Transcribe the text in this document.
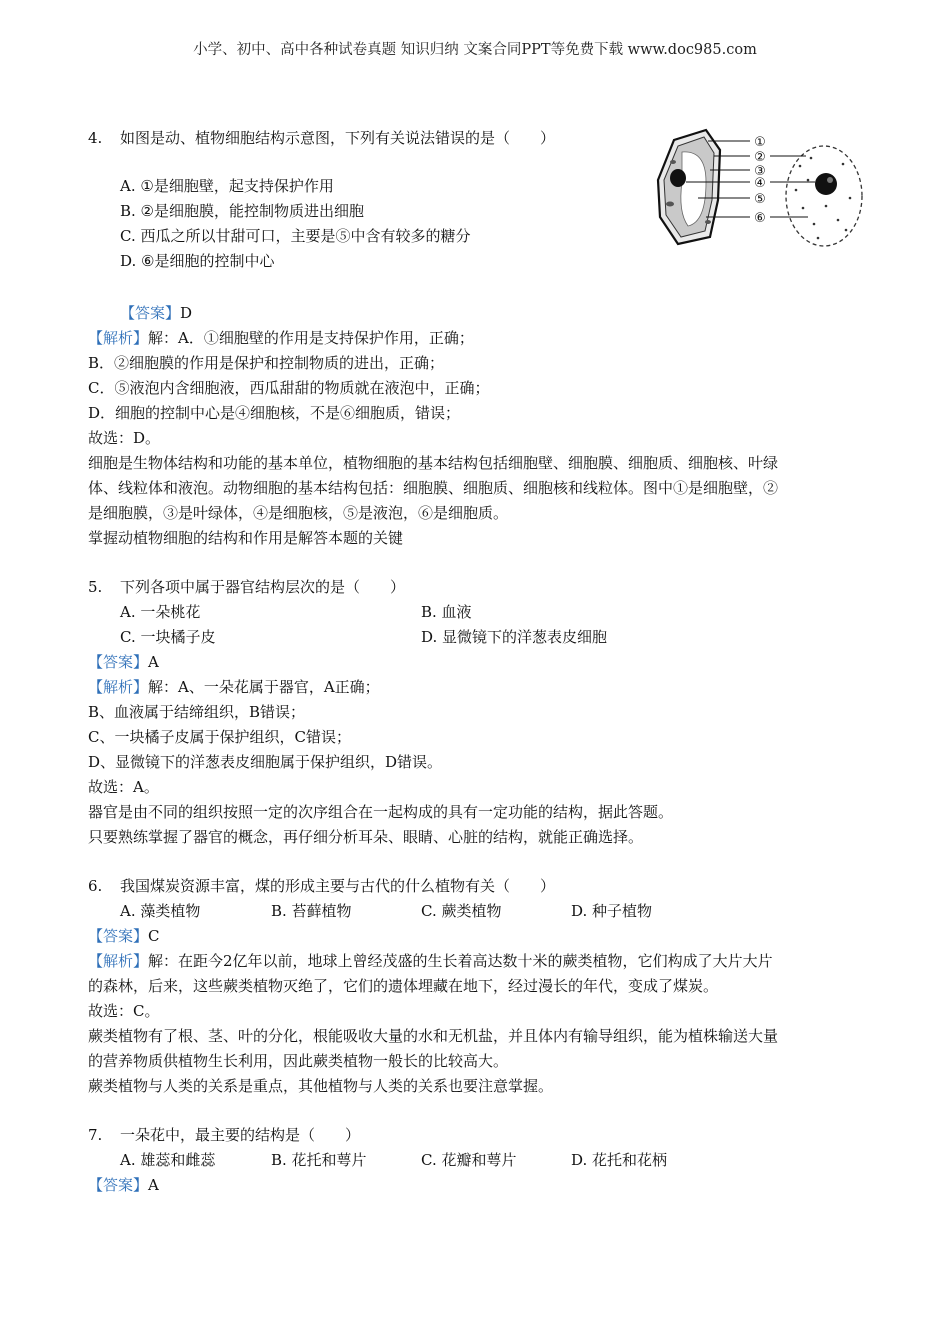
小学、初中、高中各种试卷真题 知识归纳 文案合同PPT等免费下载 www.doc985.com
4. 如图是动、植物细胞结构示意图，下列有关说法错误的是（　　）
A. ①是细胞壁，起支持保护作用
B. ②是细胞膜，能控制物质进出细胞
C. 西瓜之所以甘甜可口，主要是⑤中含有较多的糖分
D. ⑥是细胞的控制中心
①
②
③
④
⑤
⑥
【答案】D
【解析】解：A．①细胞壁的作用是支持保护作用，正确；
B．②细胞膜的作用是保护和控制物质的进出，正确；
C．⑤液泡内含细胞液，西瓜甜甜的物质就在液泡中，正确；
D．细胞的控制中心是④细胞核，不是⑥细胞质，错误；
故选：D。
细胞是生物体结构和功能的基本单位，植物细胞的基本结构包括细胞壁、细胞膜、细胞质、细胞核、叶绿
体、线粒体和液泡。动物细胞的基本结构包括：细胞膜、细胞质、细胞核和线粒体。图中①是细胞壁，②
是细胞膜，③是叶绿体，④是细胞核，⑤是液泡，⑥是细胞质。
掌握动植物细胞的结构和作用是解答本题的关键
5. 下列各项中属于器官结构层次的是（　　）
A. 一朵桃花	B. 血液
C. 一块橘子皮	D. 显微镜下的洋葱表皮细胞
【答案】A
【解析】解：A、一朵花属于器官，A正确；
B、血液属于结缔组织，B错误；
C、一块橘子皮属于保护组织，C错误；
D、显微镜下的洋葱表皮细胞属于保护组织，D错误。
故选：A。
器官是由不同的组织按照一定的次序组合在一起构成的具有一定功能的结构，据此答题。
只要熟练掌握了器官的概念，再仔细分析耳朵、眼睛、心脏的结构，就能正确选择。
6. 我国煤炭资源丰富，煤的形成主要与古代的什么植物有关（　　）
A. 藻类植物	B. 苔藓植物	C. 蕨类植物	D. 种子植物
【答案】C
【解析】解：在距今2亿年以前，地球上曾经茂盛的生长着高达数十米的蕨类植物，它们构成了大片大片
的森林，后来，这些蕨类植物灭绝了，它们的遗体埋藏在地下，经过漫长的年代，变成了煤炭。
故选：C。
蕨类植物有了根、茎、叶的分化，根能吸收大量的水和无机盐，并且体内有输导组织，能为植株输送大量
的营养物质供植物生长利用，因此蕨类植物一般长的比较高大。
蕨类植物与人类的关系是重点，其他植物与人类的关系也要注意掌握。
7. 一朵花中，最主要的结构是（　　）
A. 雄蕊和雌蕊	B. 花托和萼片	C. 花瓣和萼片	D. 花托和花柄
【答案】A
